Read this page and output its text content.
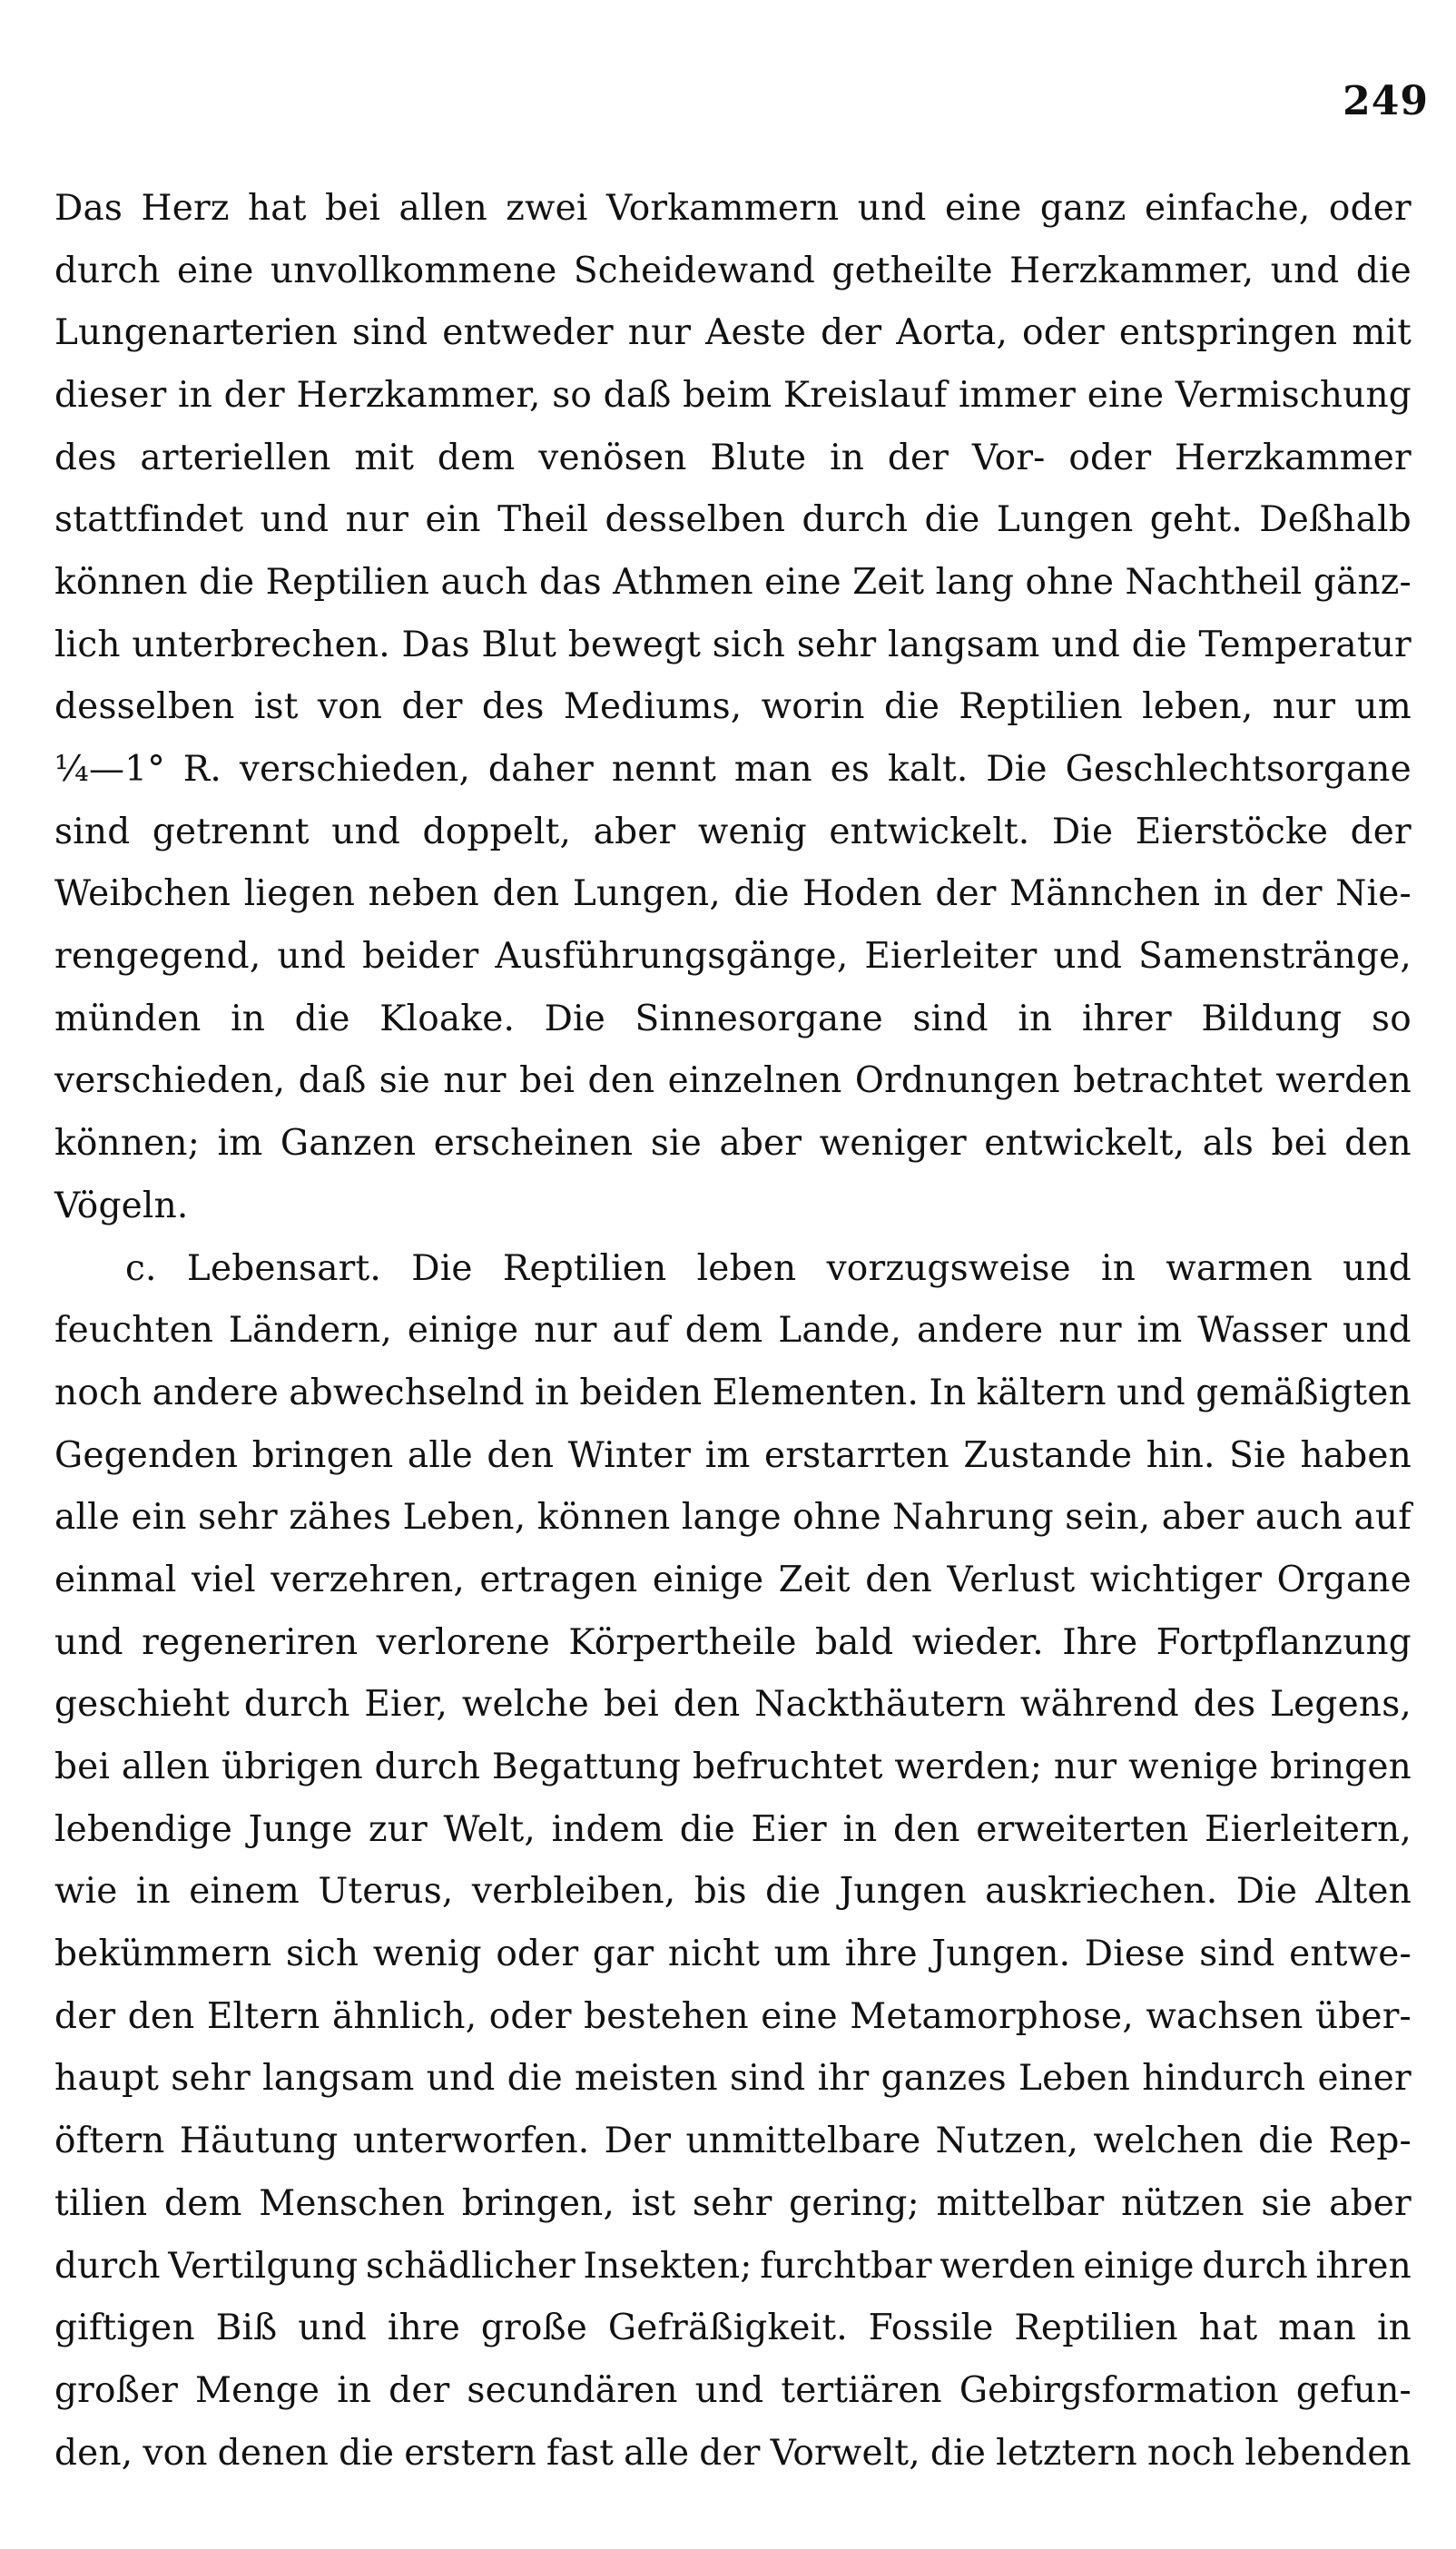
249
Das Herz hat bei allen zwei Vorkammern und eine ganz einfache, oder
durch eine unvollkommene Scheidewand getheilte Herzkammer, und die
Lungenarterien sind entweder nur Aeste der Aorta, oder entspringen mit
dieser in der Herzkammer, so daß beim Kreislauf immer eine Vermischung
des arteriellen mit dem venösen Blute in der Vor- oder Herzkammer
stattfindet und nur ein Theil desselben durch die Lungen geht. Deßhalb
können die Reptilien auch das Athmen eine Zeit lang ohne Nachtheil gänz-
lich unterbrechen. Das Blut bewegt sich sehr langsam und die Temperatur
desselben ist von der des Mediums, worin die Reptilien leben, nur um
¼—1° R. verschieden, daher nennt man es kalt. Die Geschlechtsorgane
sind getrennt und doppelt, aber wenig entwickelt. Die Eierstöcke der
Weibchen liegen neben den Lungen, die Hoden der Männchen in der Nie-
rengegend, und beider Ausführungsgänge, Eierleiter und Samenstränge,
münden in die Kloake. Die Sinnesorgane sind in ihrer Bildung so
verschieden, daß sie nur bei den einzelnen Ordnungen betrachtet werden
können; im Ganzen erscheinen sie aber weniger entwickelt, als bei den
Vögeln.
c. Lebensart. Die Reptilien leben vorzugsweise in warmen und
feuchten Ländern, einige nur auf dem Lande, andere nur im Wasser und
noch andere abwechselnd in beiden Elementen. In kältern und gemäßigten
Gegenden bringen alle den Winter im erstarrten Zustande hin. Sie haben
alle ein sehr zähes Leben, können lange ohne Nahrung sein, aber auch auf
einmal viel verzehren, ertragen einige Zeit den Verlust wichtiger Organe
und regeneriren verlorene Körpertheile bald wieder. Ihre Fortpflanzung
geschieht durch Eier, welche bei den Nackthäutern während des Legens,
bei allen übrigen durch Begattung befruchtet werden; nur wenige bringen
lebendige Junge zur Welt, indem die Eier in den erweiterten Eierleitern,
wie in einem Uterus, verbleiben, bis die Jungen auskriechen. Die Alten
bekümmern sich wenig oder gar nicht um ihre Jungen. Diese sind entwe-
der den Eltern ähnlich, oder bestehen eine Metamorphose, wachsen über-
haupt sehr langsam und die meisten sind ihr ganzes Leben hindurch einer
öftern Häutung unterworfen. Der unmittelbare Nutzen, welchen die Rep-
tilien dem Menschen bringen, ist sehr gering; mittelbar nützen sie aber
durch Vertilgung schädlicher Insekten; furchtbar werden einige durch ihren
giftigen Biß und ihre große Gefräßigkeit. Fossile Reptilien hat man in
großer Menge in der secundären und tertiären Gebirgsformation gefun-
den, von denen die erstern fast alle der Vorwelt, die letztern noch lebenden
